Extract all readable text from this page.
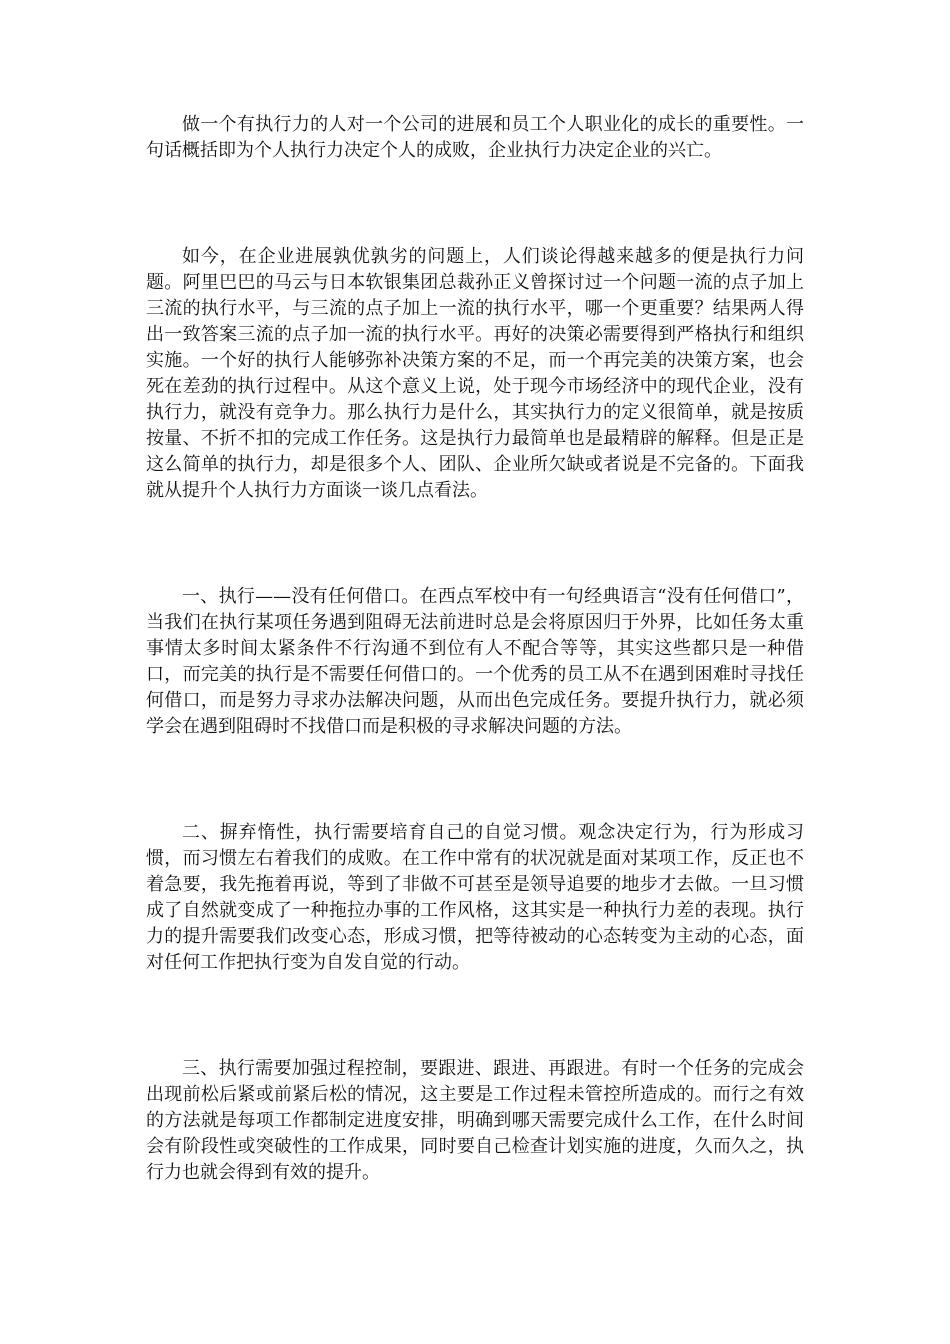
做一个有执行力的人对一个公司的进展和员工个人职业化的成长的重要性。一句话概括即为个人执行力决定个人的成败，企业执行力决定企业的兴亡。

如今，在企业进展孰优孰劣的问题上，人们谈论得越来越多的便是执行力问题。阿里巴巴的马云与日本软银集团总裁孙正义曾探讨过一个问题一流的点子加上三流的执行水平，与三流的点子加上一流的执行水平，哪一个更重要？结果两人得出一致答案三流的点子加一流的执行水平。再好的决策必需要得到严格执行和组织实施。一个好的执行人能够弥补决策方案的不足，而一个再完美的决策方案，也会死在差劲的执行过程中。从这个意义上说，处于现今市场经济中的现代企业，没有执行力，就没有竞争力。那么执行力是什么，其实执行力的定义很简单，就是按质按量、不折不扣的完成工作任务。这是执行力最简单也是最精辟的解释。但是正是这么简单的执行力，却是很多个人、团队、企业所欠缺或者说是不完备的。下面我就从提升个人执行力方面谈一谈几点看法。

一、执行——没有任何借口。在西点军校中有一句经典语言“没有任何借口”，当我们在执行某项任务遇到阻碍无法前进时总是会将原因归于外界，比如任务太重事情太多时间太紧条件不行沟通不到位有人不配合等等，其实这些都只是一种借口，而完美的执行是不需要任何借口的。一个优秀的员工从不在遇到困难时寻找任何借口，而是努力寻求办法解决问题，从而出色完成任务。要提升执行力，就必须学会在遇到阻碍时不找借口而是积极的寻求解决问题的方法。

二、摒弃惰性，执行需要培育自己的自觉习惯。观念决定行为，行为形成习惯，而习惯左右着我们的成败。在工作中常有的状况就是面对某项工作，反正也不着急要，我先拖着再说，等到了非做不可甚至是领导追要的地步才去做。一旦习惯成了自然就变成了一种拖拉办事的工作风格，这其实是一种执行力差的表现。执行力的提升需要我们改变心态，形成习惯，把等待被动的心态转变为主动的心态，面对任何工作把执行变为自发自觉的行动。

三、执行需要加强过程控制，要跟进、跟进、再跟进。有时一个任务的完成会出现前松后紧或前紧后松的情况，这主要是工作过程未管控所造成的。而行之有效的方法就是每项工作都制定进度安排，明确到哪天需要完成什么工作，在什么时间会有阶段性或突破性的工作成果，同时要自己检查计划实施的进度，久而久之，执行力也就会得到有效的提升。
